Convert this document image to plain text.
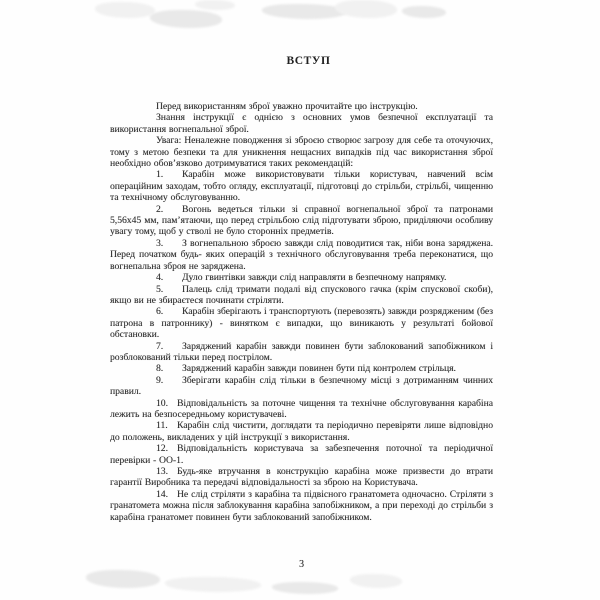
ВСТУП

Перед використанням зброї уважно прочитайте цю інструкцію.

Знання інструкції є однією з основних умов безпечної експлуатації та використання вогнепальної зброї.

Увага: Неналежне поводження зі зброєю створює загрозу для себе та оточуючих, тому з метою безпеки та для уникнення нещасних випадків під час використання зброї необхідно обов’язково дотримуватися таких рекомендацій:

1. Карабін може використовувати тільки користувач, навчений всім операційним заходам, тобто огляду, експлуатації, підготовці до стрільби, стрільбі, чищенню та технічному обслуговуванню.

2. Вогонь ведеться тільки зі справної вогнепальної зброї та патронами 5,56х45 мм, пам’ятаючи, що перед стрільбою слід підготувати зброю, приділяючи особливу увагу тому, щоб у стволі не було сторонніх предметів.

3. З вогнепальною зброєю завжди слід поводитися так, ніби вона заряджена. Перед початком будь- яких операцій з технічного обслуговування треба переконатися, що вогнепальна зброя не заряджена.

4. Дуло гвинтівки завжди слід направляти в безпечному напрямку.

5. Палець слід тримати подалі від спускового гачка (крім спускової скоби), якщо ви не збираєтеся починати стріляти.

6. Карабін зберігають і транспортують (перевозять) завжди розрядженим (без патрона в патроннику) - винятком є випадки, що виникають у результаті бойової обстановки.

7. Заряджений карабін завжди повинен бути заблокований запобіжником і розблокований тільки перед пострілом.

8. Заряджений карабін завжди повинен бути під контролем стрільця.

9. Зберігати карабін слід тільки в безпечному місці з дотриманням чинних правил.

10. Відповідальність за поточне чищення та технічне обслуговування карабіна лежить на безпосередньому користувачеві.

11. Карабін слід чистити, доглядати та періодично перевіряти лише відповідно до положень, викладених у цій інструкції з використання.

12. Відповідальність користувача за забезпечення поточної та періодичної перевірки - ОО-1.

13. Будь-яке втручання в конструкцію карабіна може призвести до втрати гарантії Виробника та передачі відповідальності за зброю на Користувача.

14. Не слід стріляти з карабіна та підвісного гранатомета одночасно. Стріляти з гранатомета можна після заблокування карабіна запобіжником, а при переході до стрільби з карабіна гранатомет повинен бути заблокований запобіжником.

3
